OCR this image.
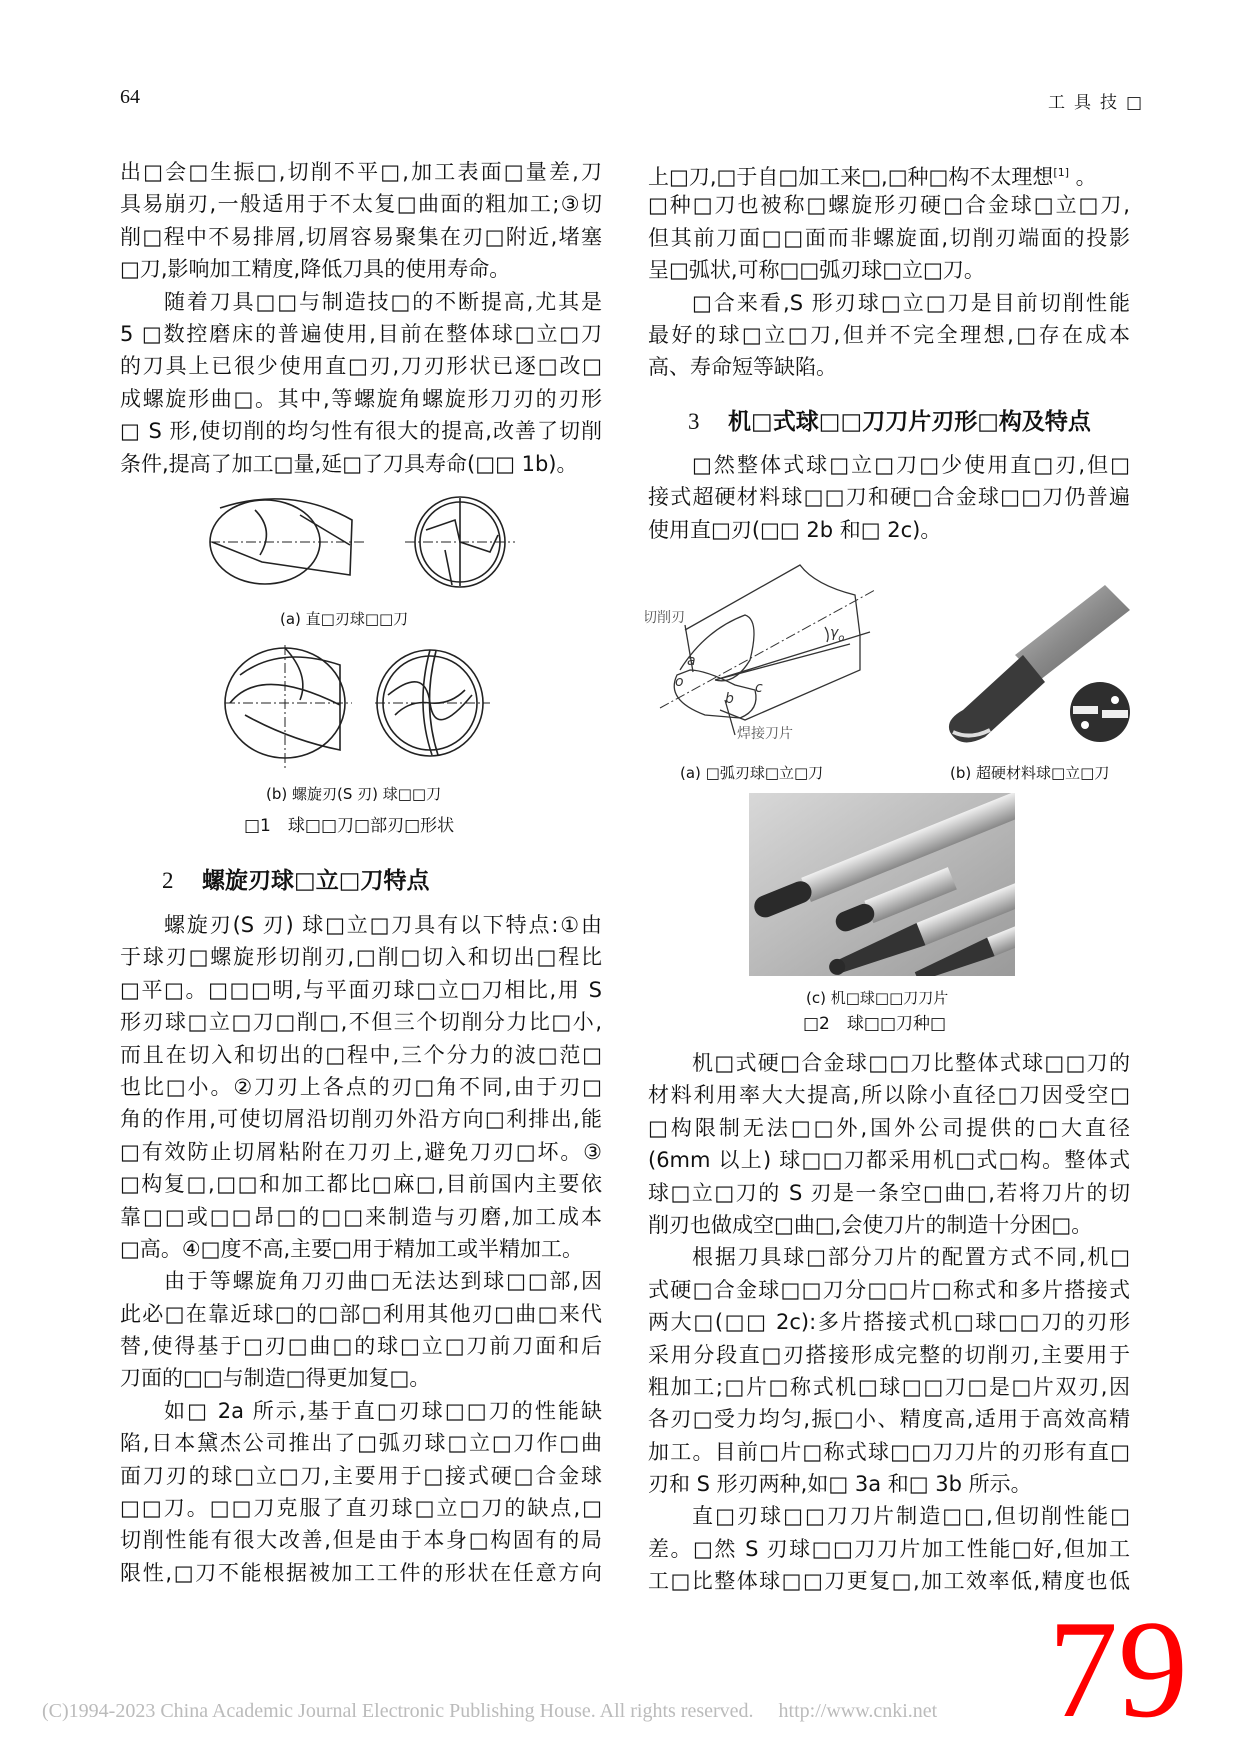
64	工具技□
出□会□生振□,切削不平□,加工表面□量差,刀
具易崩刃,一般适用于不太复□曲面的粗加工;③切
削□程中不易排屑,切屑容易聚集在刃□附近,堵塞
□刀,影响加工精度,降低刀具的使用寿命。
随着刀具□□与制造技□的不断提高,尤其是
5 □数控磨床的普遍使用,目前在整体球□立□刀
的刀具上已很少使用直□刃,刀刃形状已逐□改□
成螺旋形曲□。其中,等螺旋角螺旋形刀刃的刃形
□ S 形,使切削的均匀性有很大的提高,改善了切削
条件,提高了加工□量,延□了刀具寿命(□□ 1b)。
(a) 直□刃球□□刀
(b) 螺旋刃(S 刃) 球□□刀
□1　球□□刀□部刃□形状
2 螺旋刃球□立□刀特点
螺旋刃(S 刃) 球□立□刀具有以下特点:①由
于球刃□螺旋形切削刃,□削□切入和切出□程比
□平□。□□□明,与平面刃球□立□刀相比,用 S
形刃球□立□刀□削□,不但三个切削分力比□小,
而且在切入和切出的□程中,三个分力的波□范□
也比□小。②刀刃上各点的刃□角不同,由于刃□
角的作用,可使切屑沿切削刃外沿方向□利排出,能
□有效防止切屑粘附在刀刃上,避免刀刃□坏。③
□构复□,□□和加工都比□麻□,目前国内主要依
靠□□或□□昂□的□□来制造与刃磨,加工成本
□高。④□度不高,主要□用于精加工或半精加工。
由于等螺旋角刀刃曲□无法达到球□□部,因
此必□在靠近球□的□部□利用其他刃□曲□来代
替,使得基于□刃□曲□的球□立□刀前刀面和后
刀面的□□与制造□得更加复□。
如□ 2a 所示,基于直□刃球□□刀的性能缺
陷,日本黛杰公司推出了□弧刃球□立□刀作□曲
面刀刃的球□立□刀,主要用于□接式硬□合金球
□□刀。□□刀克服了直刃球□立□刀的缺点,□
切削性能有很大改善,但是由于本身□构固有的局
限性,□刀不能根据被加工工件的形状在任意方向
上□刀,□于自□加工来□,□种□构不太理想[1] 。
□种□刀也被称□螺旋形刃硬□合金球□立□刀,
但其前刀面□□面而非螺旋面,切削刃端面的投影
呈□弧状,可称□□弧刃球□立□刀。
□合来看,S 形刃球□立□刀是目前切削性能
最好的球□立□刀,但并不完全理想,□存在成本
高、寿命短等缺陷。
3 机□式球□□刀刀片刃形□构及特点
□然整体式球□立□刀□少使用直□刃,但□
接式超硬材料球□□刀和硬□合金球□□刀仍普遍
使用直□刃(□□ 2b 和□ 2c)。
切削刃
a
o
b
c
$\gamma_o$
焊接刀片
(a) □弧刃球□立□刀	(b) 超硬材料球□立□刀
(c) 机□球□□刀刀片
□2　球□□刀种□
机□式硬□合金球□□刀比整体式球□□刀的
材料利用率大大提高,所以除小直径□刀因受空□
□构限制无法□□外,国外公司提供的□大直径
(6mm 以上) 球□□刀都采用机□式□构。整体式
球□立□刀的 S 刃是一条空□曲□,若将刀片的切
削刃也做成空□曲□,会使刀片的制造十分困□。
根据刀具球□部分刀片的配置方式不同,机□
式硬□合金球□□刀分□□片□称式和多片搭接式
两大□(□□ 2c):多片搭接式机□球□□刀的刃形
采用分段直□刃搭接形成完整的切削刃,主要用于
粗加工;□片□称式机□球□□刀□是□片双刃,因
各刃□受力均匀,振□小、精度高,适用于高效高精
加工。目前□片□称式球□□刀刀片的刃形有直□
刃和 S 形刃两种,如□ 3a 和□ 3b 所示。
直□刃球□□刀刀片制造□□,但切削性能□
差。□然 S 刃球□□刀刀片加工性能□好,但加工
工□比整体球□□刀更复□,加工效率低,精度也低
(C)1994-2023 China Academic Journal Electronic Publishing House. All rights reserved.　 http://www.cnki.net 79
